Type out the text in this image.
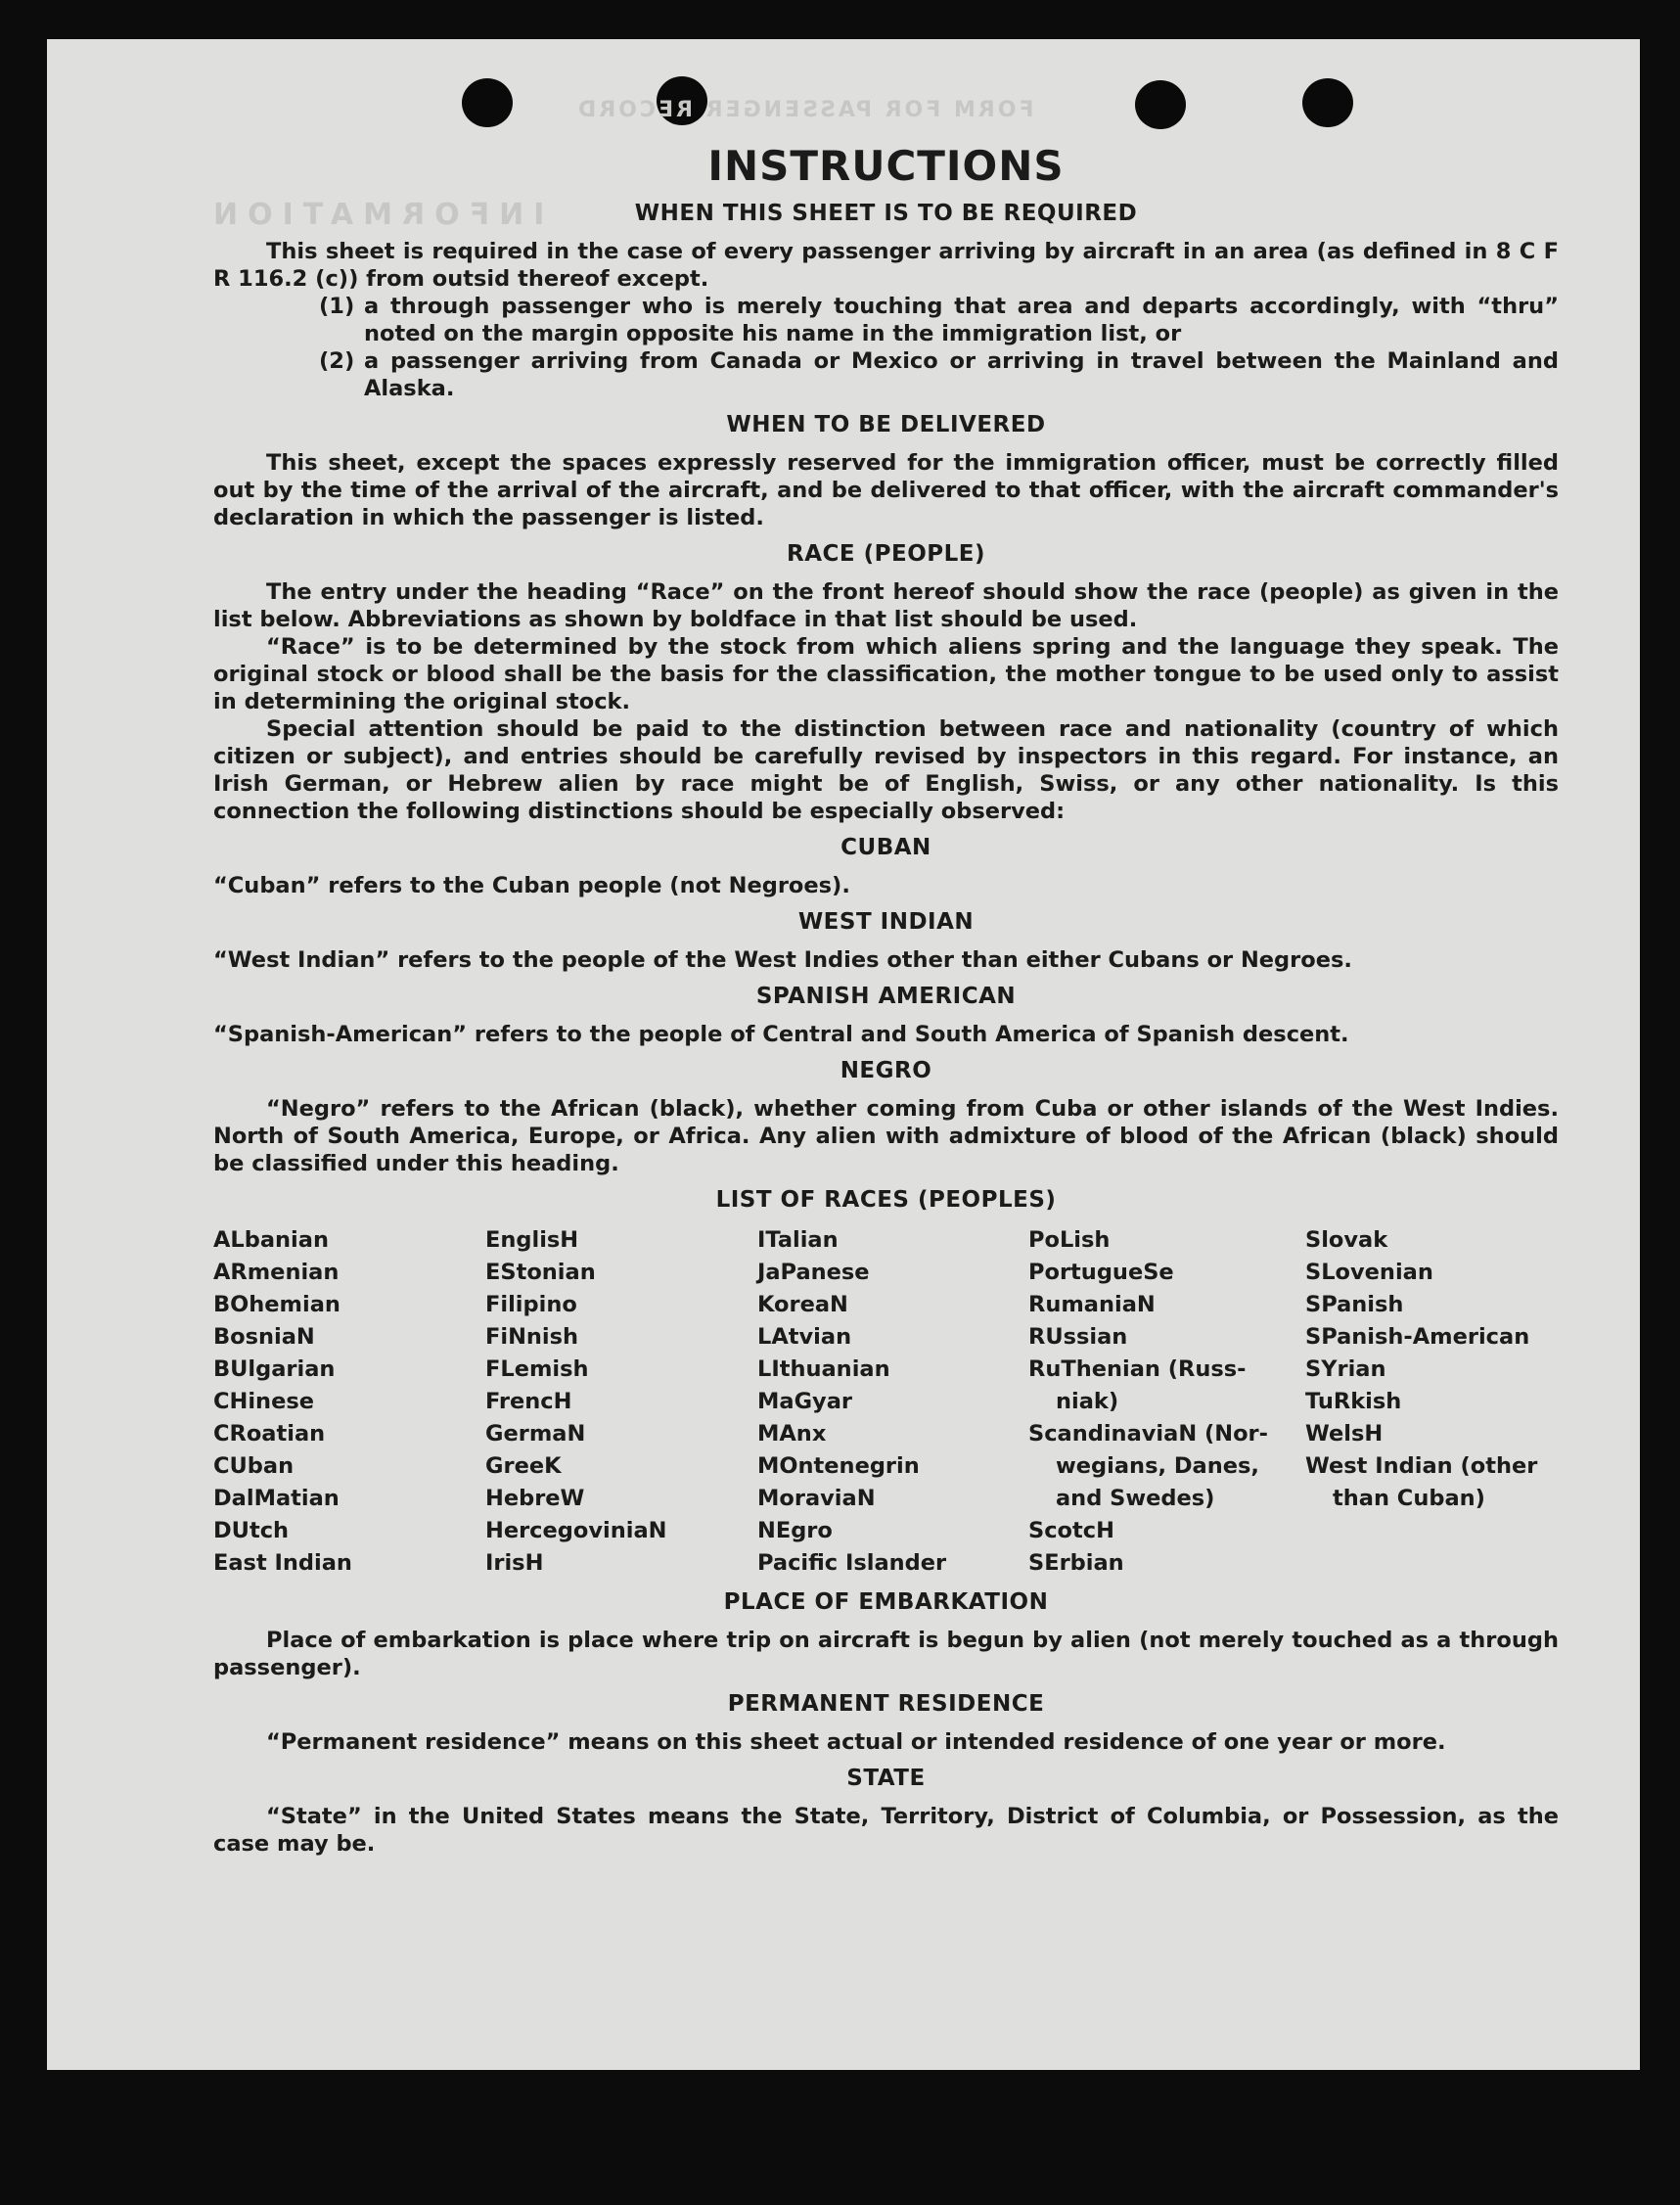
FORM FOR PASSENGER RECORD
INFORMATION
INSTRUCTIONS
WHEN THIS SHEET IS TO BE REQUIRED

This sheet is required in the case of every passenger arriving by aircraft in an area (as defined in 8 C F R 116.2 (c)) from outsid thereof except.

(1) a through passenger who is merely touching that area and departs accordingly, with “thru” noted on the margin opposite his name in the immigration list, or
(2) a passenger arriving from Canada or Mexico or arriving in travel between the Mainland and Alaska.
WHEN TO BE DELIVERED

This sheet, except the spaces expressly reserved for the immigration officer, must be correctly filled out by the time of the arrival of the aircraft, and be delivered to that officer, with the aircraft commander's declaration in which the passenger is listed.

RACE (PEOPLE)

The entry under the heading “Race” on the front hereof should show the race (people) as given in the list below. Abbreviations as shown by boldface in that list should be used.

“Race” is to be determined by the stock from which aliens spring and the language they speak. The original stock or blood shall be the basis for the classification, the mother tongue to be used only to assist in determining the original stock.

Special attention should be paid to the distinction between race and nationality (country of which citizen or subject), and entries should be carefully revised by inspectors in this regard. For instance, an Irish German, or Hebrew alien by race might be of English, Swiss, or any other nationality. Is this connection the following distinctions should be especially observed:

CUBAN

“Cuban” refers to the Cuban people (not Negroes).

WEST INDIAN

“West Indian” refers to the people of the West Indies other than either Cubans or Negroes.

SPANISH AMERICAN

“Spanish-American” refers to the people of Central and South America of Spanish descent.

NEGRO

“Negro” refers to the African (black), whether coming from Cuba or other islands of the West Indies. North of South America, Europe, or Africa. Any alien with admixture of blood of the African (black) should be classified under this heading.

LIST OF RACES (PEOPLES)
ALbanian
ARmenian
BOhemian
BosniaN
BUlgarian
CHinese
CRoatian
CUban
DalMatian
DUtch
East Indian
EnglisH
EStonian
Filipino
FiNnish
FLemish
FrencH
GermaN
GreeK
HebreW
HercegoviniaN
IrisH
ITalian
JaPanese
KoreaN
LAtvian
LIthuanian
MaGyar
MAnx
MOntenegrin
MoraviaN
NEgro
Pacific Islander
PoLish
PortugueSe
RumaniaN
RUssian
RuThenian (Russ-
niak)
ScandinaviaN (Nor-
wegians, Danes,
and Swedes)
ScotcH
SErbian
Slovak
SLovenian
SPanish
SPanish-American
SYrian
TuRkish
WelsH
West Indian (other
than Cuban)
PLACE OF EMBARKATION

Place of embarkation is place where trip on aircraft is begun by alien (not merely touched as a through passenger).

PERMANENT RESIDENCE

“Permanent residence” means on this sheet actual or intended residence of one year or more.

STATE

“State” in the United States means the State, Territory, District of Columbia, or Possession, as the case may be.
